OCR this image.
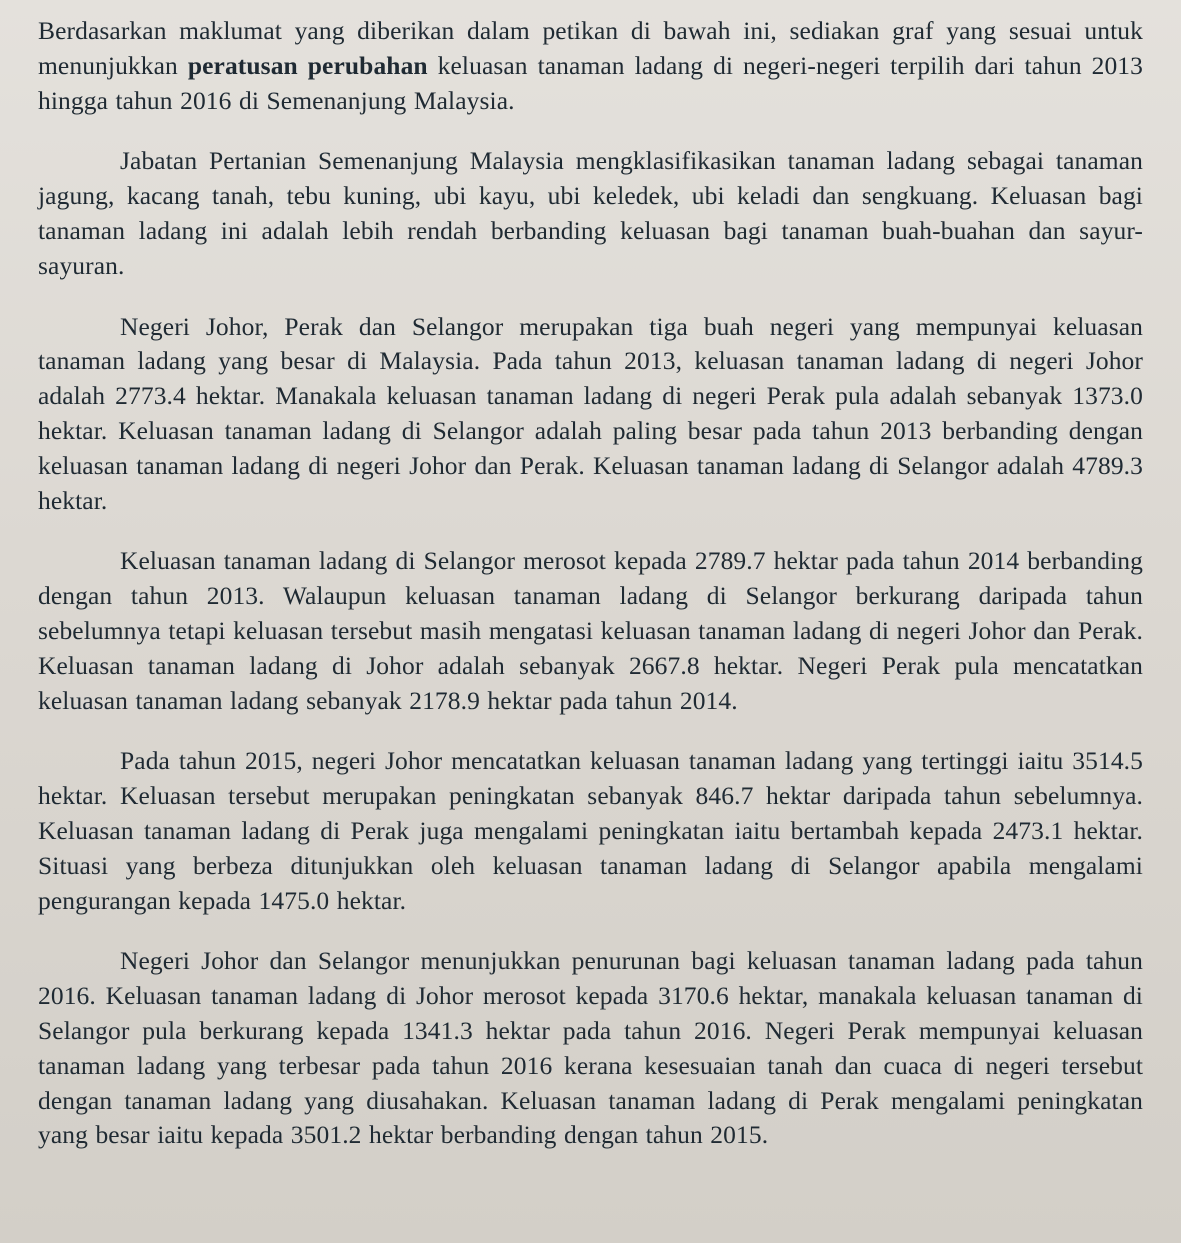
Berdasarkan maklumat yang diberikan dalam petikan di bawah ini, sediakan graf yang sesuai untuk menunjukkan peratusan perubahan keluasan tanaman ladang di negeri-negeri terpilih dari tahun 2013 hingga tahun 2016 di Semenanjung Malaysia.

Jabatan Pertanian Semenanjung Malaysia mengklasifikasikan tanaman ladang sebagai tanaman jagung, kacang tanah, tebu kuning, ubi kayu, ubi keledek, ubi keladi dan sengkuang. Keluasan bagi tanaman ladang ini adalah lebih rendah berbanding keluasan bagi tanaman buah-buahan dan sayur-sayuran.

Negeri Johor, Perak dan Selangor merupakan tiga buah negeri yang mempunyai keluasan tanaman ladang yang besar di Malaysia. Pada tahun 2013, keluasan tanaman ladang di negeri Johor adalah 2773.4 hektar. Manakala keluasan tanaman ladang di negeri Perak pula adalah sebanyak 1373.0 hektar. Keluasan tanaman ladang di Selangor adalah paling besar pada tahun 2013 berbanding dengan keluasan tanaman ladang di negeri Johor dan Perak. Keluasan tanaman ladang di Selangor adalah 4789.3 hektar.

Keluasan tanaman ladang di Selangor merosot kepada 2789.7 hektar pada tahun 2014 berbanding dengan tahun 2013. Walaupun keluasan tanaman ladang di Selangor berkurang daripada tahun sebelumnya tetapi keluasan tersebut masih mengatasi keluasan tanaman ladang di negeri Johor dan Perak. Keluasan tanaman ladang di Johor adalah sebanyak 2667.8 hektar. Negeri Perak pula mencatatkan keluasan tanaman ladang sebanyak 2178.9 hektar pada tahun 2014.

Pada tahun 2015, negeri Johor mencatatkan keluasan tanaman ladang yang tertinggi iaitu 3514.5 hektar. Keluasan tersebut merupakan peningkatan sebanyak 846.7 hektar daripada tahun sebelumnya. Keluasan tanaman ladang di Perak juga mengalami peningkatan iaitu bertambah kepada 2473.1 hektar. Situasi yang berbeza ditunjukkan oleh keluasan tanaman ladang di Selangor apabila mengalami pengurangan kepada 1475.0 hektar.

Negeri Johor dan Selangor menunjukkan penurunan bagi keluasan tanaman ladang pada tahun 2016. Keluasan tanaman ladang di Johor merosot kepada 3170.6 hektar, manakala keluasan tanaman di Selangor pula berkurang kepada 1341.3 hektar pada tahun 2016. Negeri Perak mempunyai keluasan tanaman ladang yang terbesar pada tahun 2016 kerana kesesuaian tanah dan cuaca di negeri tersebut dengan tanaman ladang yang diusahakan. Keluasan tanaman ladang di Perak mengalami peningkatan yang besar iaitu kepada 3501.2 hektar berbanding dengan tahun 2015.
